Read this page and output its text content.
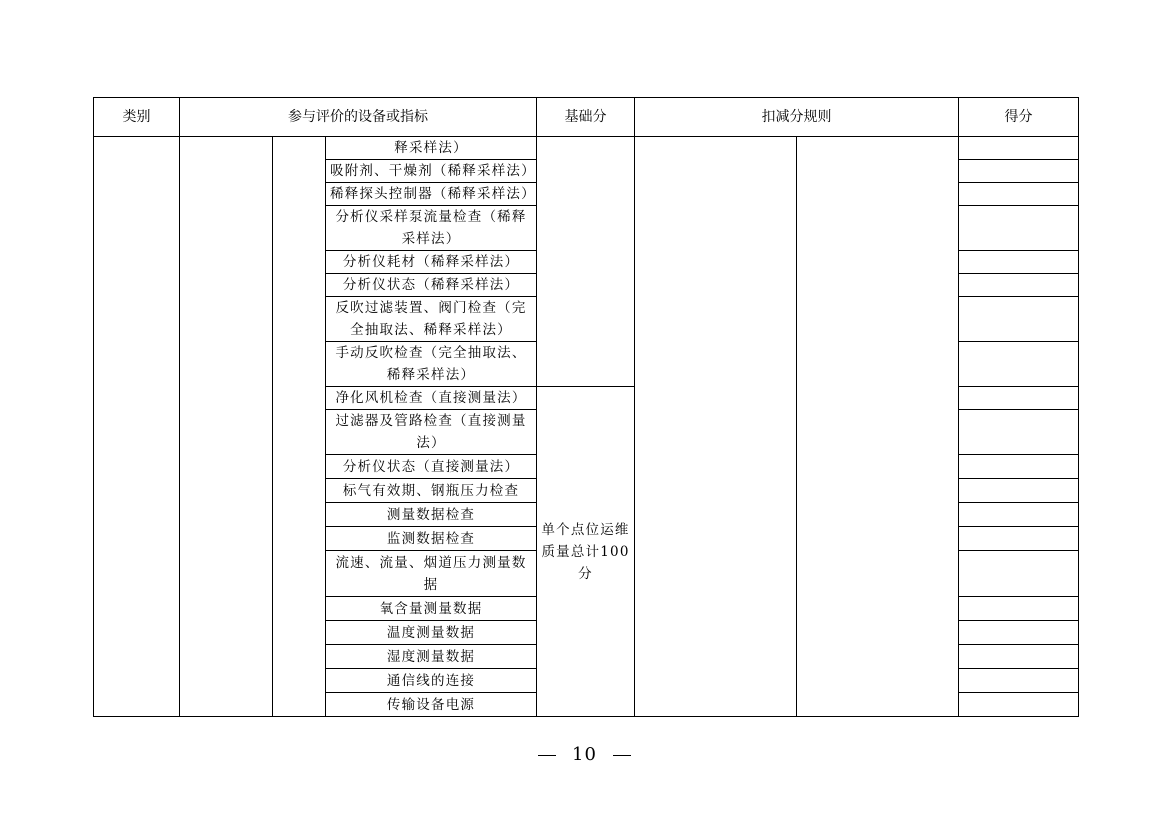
类别	参与评价的设备或指标			基础分	扣减分规则		得分
			释采样法）				
			吸附剂、干燥剂（稀释采样法）				
			稀释探头控制器（稀释采样法）				
			分析仪采样泵流量检查（稀释采样法）				
			分析仪耗材（稀释采样法）				
			分析仪状态（稀释采样法）				
			反吹过滤装置、阀门检查（完全抽取法、稀释采样法）				
			手动反吹检查（完全抽取法、稀释采样法）				
			净化风机检查（直接测量法）	单个点位运维质量总计100分			
			过滤器及管路检查（直接测量法）				
			分析仪状态（直接测量法）				
			标气有效期、钢瓶压力检查				
			测量数据检查				
			监测数据检查				
			流速、流量、烟道压力测量数据				
			氧含量测量数据				
			温度测量数据				
			湿度测量数据				
			通信线的连接				
			传输设备电源				
10
